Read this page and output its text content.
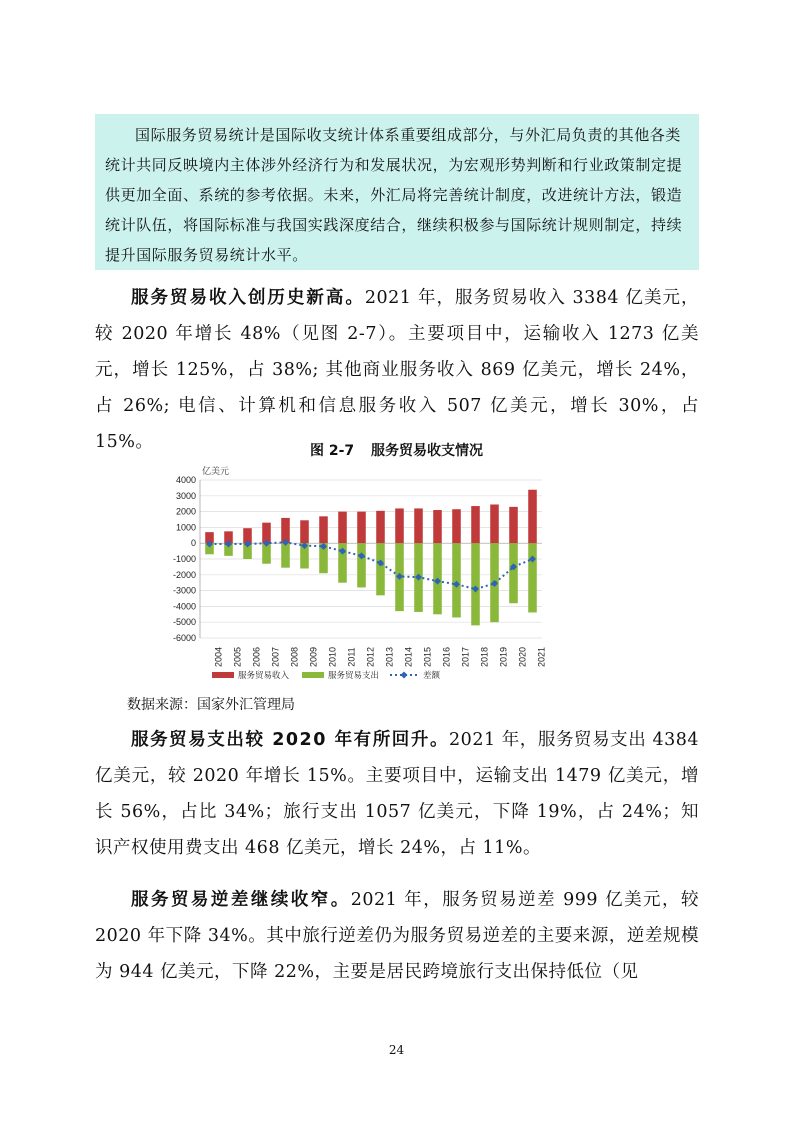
国际服务贸易统计是国际收支统计体系重要组成部分，与外汇局负责的其他各类统计共同反映境内主体涉外经济行为和发展状况，为宏观形势判断和行业政策制定提供更加全面、系统的参考依据。未来，外汇局将完善统计制度，改进统计方法，锻造统计队伍，将国际标准与我国实践深度结合，继续积极参与国际统计规则制定，持续提升国际服务贸易统计水平。

服务贸易收入创历史新高。2021 年，服务贸易收入 3384 亿美元，较 2020 年增长 48%（见图 2-7）。主要项目中，运输收入 1273 亿美元，增长 125%，占 38%; 其他商业服务收入 869 亿美元，增长 24%，占 26%; 电信、计算机和信息服务收入 507 亿美元，增长 30%，占 15%。	图 2-7 服务贸易收支情况
亿美元
4000
3000
2000
1000
0
-1000
-2000
-3000
-4000
-5000
-6000
2004 2005 2006 2007 2008 2009 2010 2011 2012 2013 2014 2015 2016 2017 2018 2019 2020 2021
服务贸易收入	服务贸易支出	差额
数据来源：国家外汇管理局

服务贸易支出较 2020 年有所回升。2021 年，服务贸易支出 4384 亿美元，较 2020 年增长 15%。主要项目中，运输支出 1479 亿美元，增长 56%，占比 34%；旅行支出 1057 亿美元，下降 19%，占 24%；知识产权使用费支出 468 亿美元，增长 24%，占 11%。

服务贸易逆差继续收窄。2021 年，服务贸易逆差 999 亿美元，较 2020 年下降 34%。其中旅行逆差仍为服务贸易逆差的主要来源，逆差规模为 944 亿美元，下降 22%，主要是居民跨境旅行支出保持低位（见

24
